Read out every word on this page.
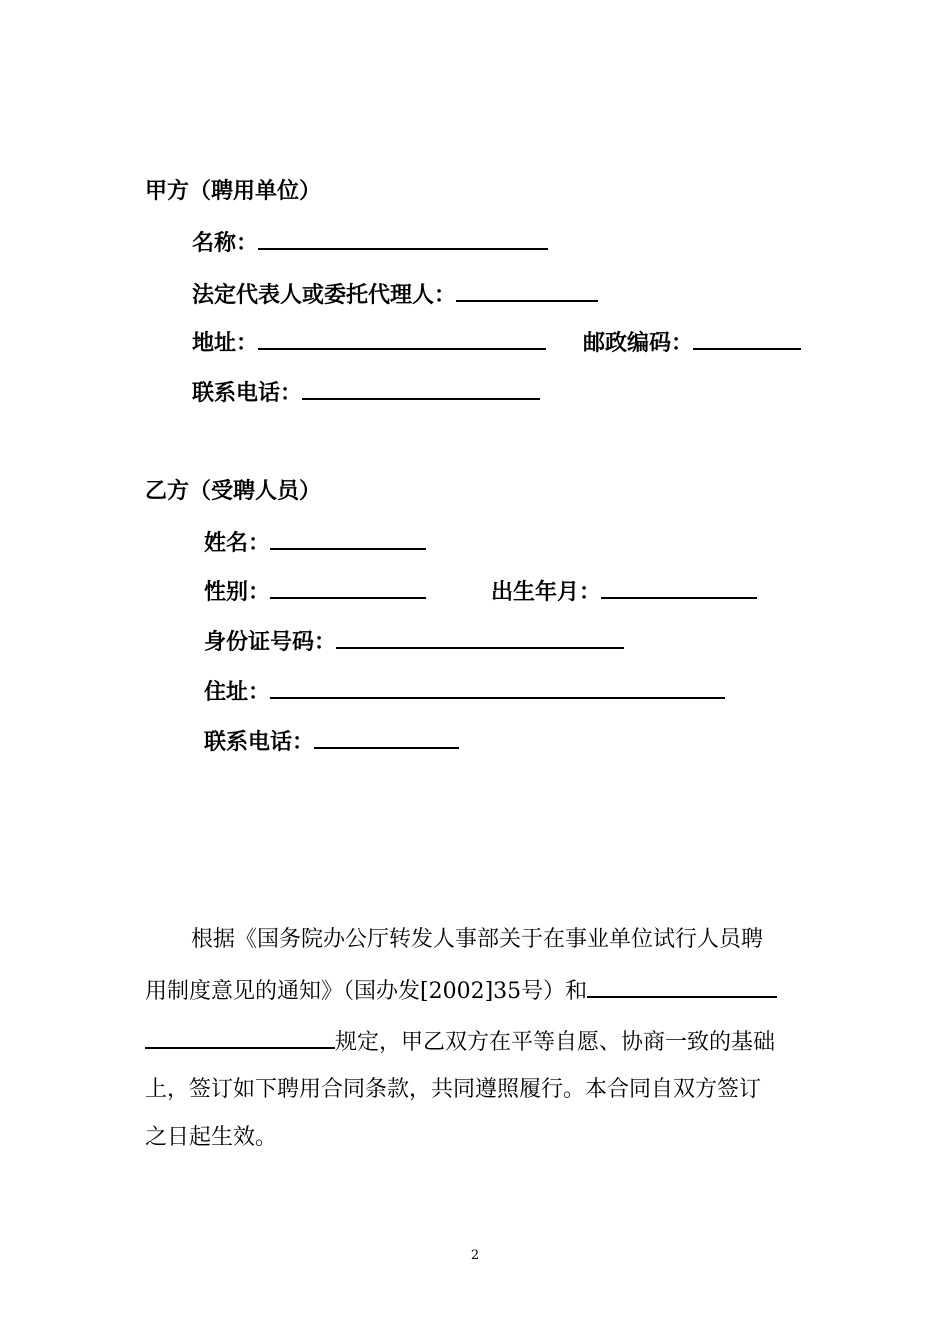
甲方（聘用单位）
名称：
法定代表人或委托代理人：
地址：	邮政编码：
联系电话：
乙方（受聘人员）
姓名：
性别：	出生年月：
身份证号码：
住址：
联系电话：
根据《国务院办公厅转发人事部关于在事业单位试行人员聘
用制度意见的通知》（国办发[2002]35号）和
规定，甲乙双方在平等自愿、协商一致的基础
上，签订如下聘用合同条款，共同遵照履行。本合同自双方签订
之日起生效。
2
